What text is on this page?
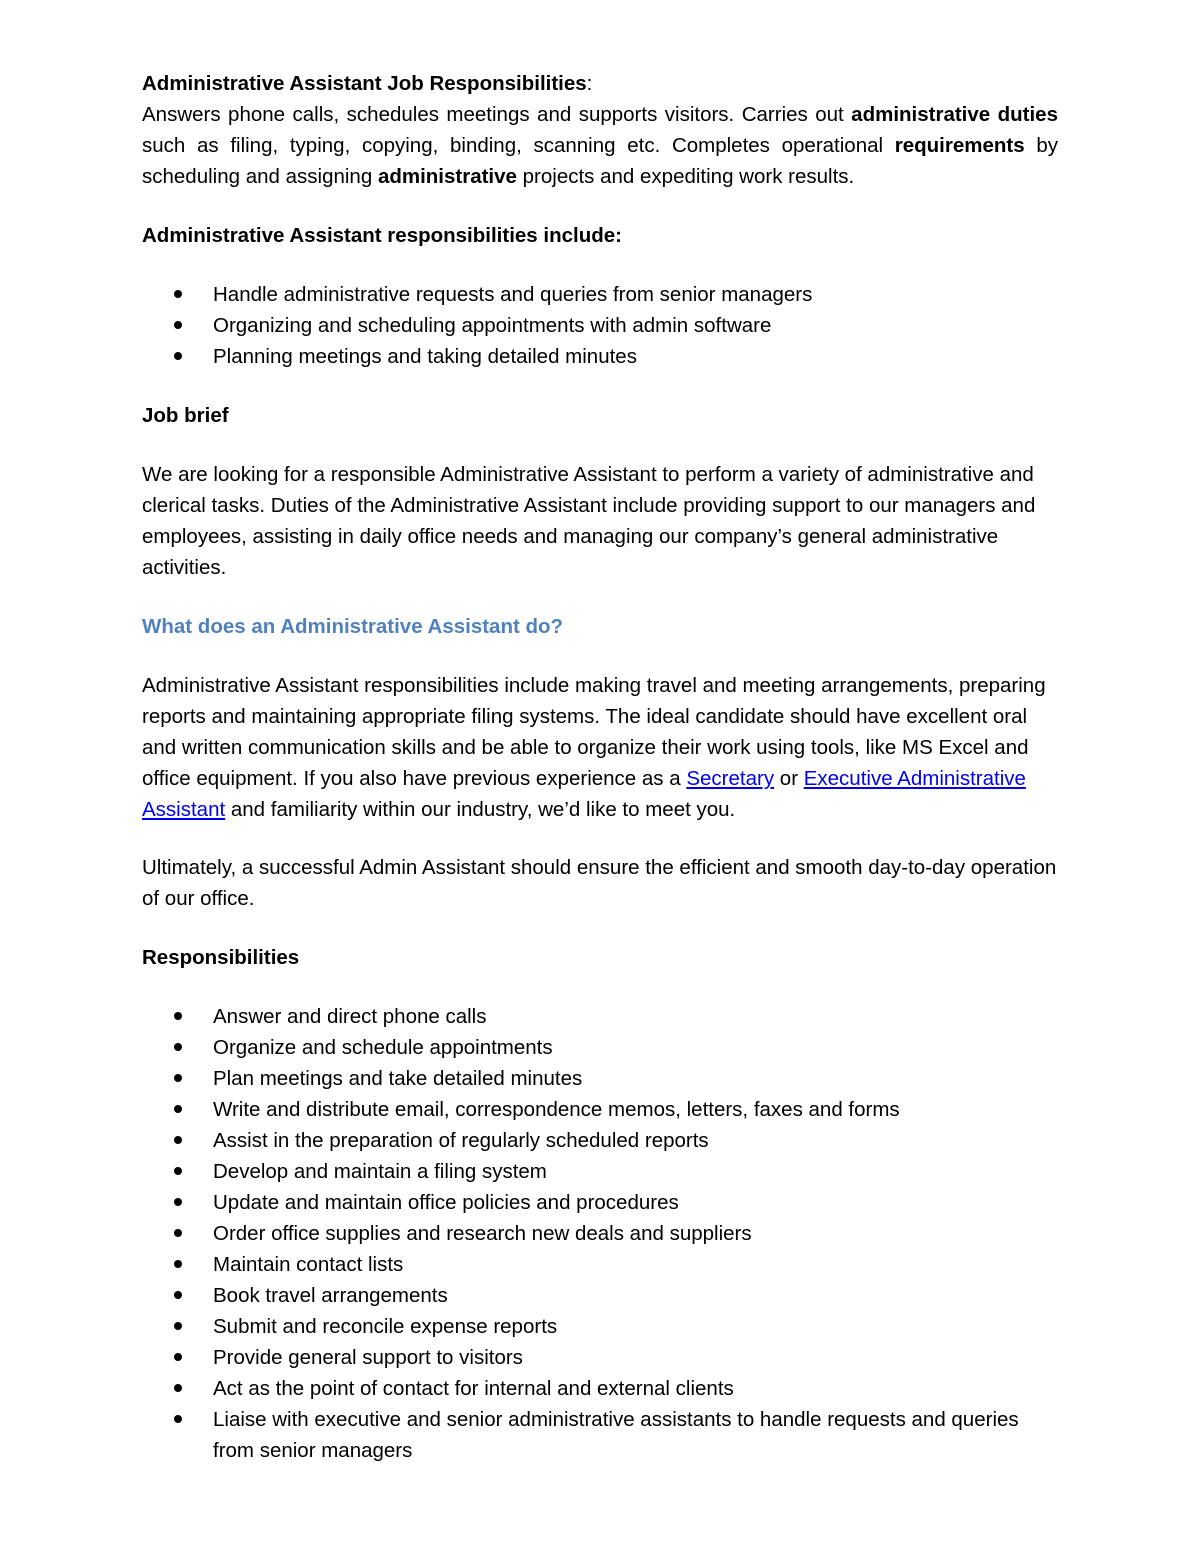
Administrative Assistant Job Responsibilities:
Answers phone calls, schedules meetings and supports visitors. Carries out administrative duties such as filing, typing, copying, binding, scanning etc. Completes operational requirements by scheduling and assigning administrative projects and expediting work results.

Administrative Assistant responsibilities include:

Handle administrative requests and queries from senior managers
Organizing and scheduling appointments with admin software
Planning meetings and taking detailed minutes

Job brief

We are looking for a responsible Administrative Assistant to perform a variety of administrative and clerical tasks. Duties of the Administrative Assistant include providing support to our managers and employees, assisting in daily office needs and managing our company’s general administrative activities.

What does an Administrative Assistant do?

Administrative Assistant responsibilities include making travel and meeting arrangements, preparing reports and maintaining appropriate filing systems. The ideal candidate should have excellent oral and written communication skills and be able to organize their work using tools, like MS Excel and office equipment. If you also have previous experience as a Secretary or Executive Administrative Assistant and familiarity within our industry, we’d like to meet you.

Ultimately, a successful Admin Assistant should ensure the efficient and smooth day-to-day operation of our office.

Responsibilities

Answer and direct phone calls
Organize and schedule appointments
Plan meetings and take detailed minutes
Write and distribute email, correspondence memos, letters, faxes and forms
Assist in the preparation of regularly scheduled reports
Develop and maintain a filing system
Update and maintain office policies and procedures
Order office supplies and research new deals and suppliers
Maintain contact lists
Book travel arrangements
Submit and reconcile expense reports
Provide general support to visitors
Act as the point of contact for internal and external clients
Liaise with executive and senior administrative assistants to handle requests and queries from senior managers
